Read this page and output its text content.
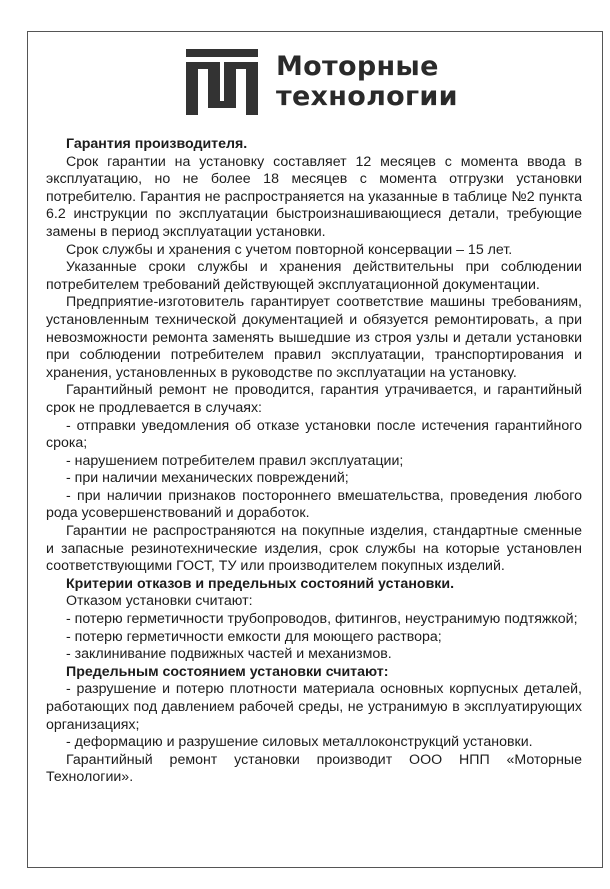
Моторные
технологии

Гарантия производителя.

Срок гарантии на установку составляет 12 месяцев с момента ввода в эксплуатацию, но не более 18 месяцев с момента отгрузки установки потребителю. Гарантия не распространяется на указанные в таблице №2 пункта 6.2 инструкции по эксплуатации быстроизнашивающиеся детали, требующие замены в период эксплуатации установки.

Срок службы и хранения с учетом повторной консервации – 15 лет.

Указанные сроки службы и хранения действительны при соблюдении потребителем требований действующей эксплуатационной документации.

Предприятие-изготовитель гарантирует соответствие машины требованиям, установленным технической документацией и обязуется ремонтировать, а при невозможности ремонта заменять вышедшие из строя узлы и детали установки при соблюдении потребителем правил эксплуатации, транспортирования и хранения, установленных в руководстве по эксплуатации на установку.

Гарантийный ремонт не проводится, гарантия утрачивается, и гарантийный срок не продлевается в случаях:

- отправки уведомления об отказе установки после истечения гарантийного срока;

- нарушением потребителем правил эксплуатации;

- при наличии механических повреждений;

- при наличии признаков постороннего вмешательства, проведения любого рода усовершенствований и доработок.

Гарантии не распространяются на покупные изделия, стандартные сменные и запасные резинотехнические изделия, срок службы на которые установлен соответствующими ГОСТ, ТУ или производителем покупных изделий.

Критерии отказов и предельных состояний установки.

Отказом установки считают:

- потерю герметичности трубопроводов, фитингов, неустранимую подтяжкой;

- потерю герметичности емкости для моющего раствора;

- заклинивание подвижных частей и механизмов.

Предельным состоянием установки считают:

- разрушение и потерю плотности материала основных корпусных деталей, работающих под давлением рабочей среды, не устранимую в эксплуатирующих организациях;

- деформацию и разрушение силовых металлоконструкций установки.

Гарантийный ремонт установки производит ООО НПП «Моторные Технологии».
